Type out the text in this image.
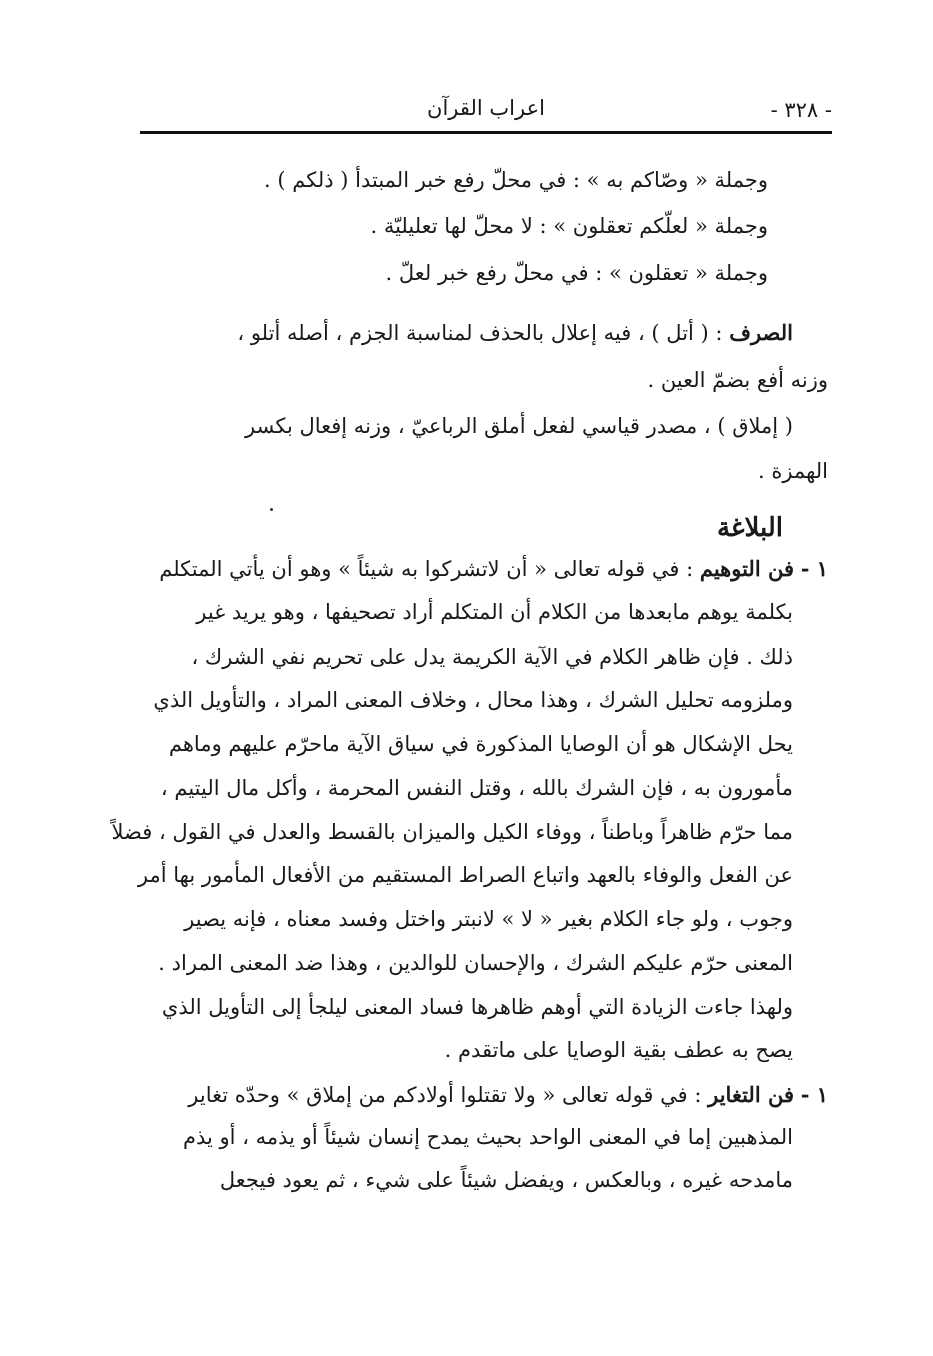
اعراب القرآن	- ٣٢٨ -
وجملة « وصّاكم به » : في محلّ رفع خبر المبتدأ ( ذلكم ) .
وجملة « لعلّكم تعقلون » : لا محلّ لها تعليليّة .
وجملة « تعقلون » : في محلّ رفع خبر لعلّ .
الصرف : ( أتل ) ، فيه إعلال بالحذف لمناسبة الجزم ، أصله أتلو ،
وزنه أفع بضمّ العين .
( إملاق ) ، مصدر قياسي لفعل أملق الرباعيّ ، وزنه إفعال بكسر
الهمزة .
البلاغة
١ - فن التوهيم : في قوله تعالى « أن لاتشركوا به شيئاً » وهو أن يأتي المتكلم
بكلمة يوهم مابعدها من الكلام أن المتكلم أراد تصحيفها ، وهو يريد غير
ذلك . فإن ظاهر الكلام في الآية الكريمة يدل على تحريم نفي الشرك ،
وملزومه تحليل الشرك ، وهذا محال ، وخلاف المعنى المراد ، والتأويل الذي
يحل الإشكال هو أن الوصايا المذكورة في سياق الآية ماحرّم عليهم وماهم
مأمورون به ، فإن الشرك بالله ، وقتل النفس المحرمة ، وأكل مال اليتيم ،
مما حرّم ظاهراً وباطناً ، ووفاء الكيل والميزان بالقسط والعدل في القول ، فضلاً
عن الفعل والوفاء بالعهد واتباع الصراط المستقيم من الأفعال المأمور بها أمر
وجوب ، ولو جاء الكلام بغير « لا » لانبتر واختل وفسد معناه ، فإنه يصير
المعنى حرّم عليكم الشرك ، والإحسان للوالدين ، وهذا ضد المعنى المراد .
ولهذا جاءت الزيادة التي أوهم ظاهرها فساد المعنى ليلجأ إلى التأويل الذي
يصح به عطف بقية الوصايا على ماتقدم .
١ - فن التغاير : في قوله تعالى « ولا تقتلوا أولادكم من إملاق » وحدّه تغاير
المذهبين إما في المعنى الواحد بحيث يمدح إنسان شيئاً أو يذمه ، أو يذم
مامدحه غيره ، وبالعكس ، ويفضل شيئاً على شيء ، ثم يعود فيجعل
